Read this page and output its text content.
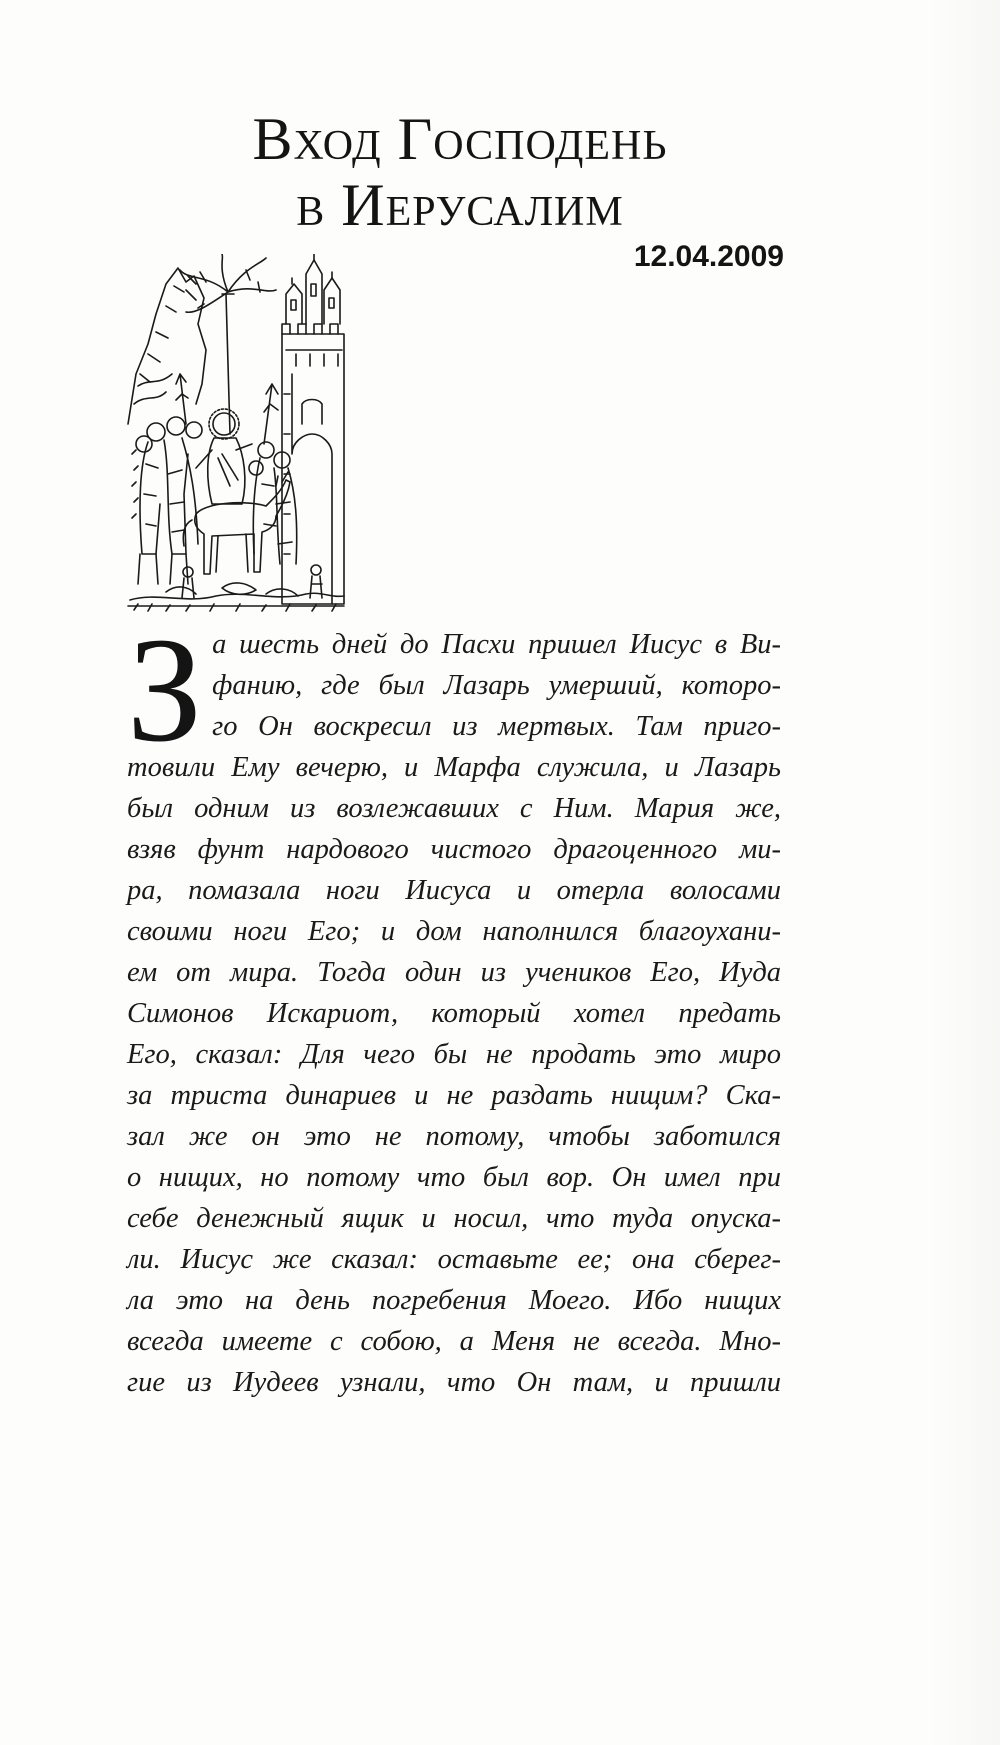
Вход Господень
в Иерусалим
12.04.2009
З а шесть дней до Пасхи пришел Иисус в Ви-
фанию, где был Лазарь умерший, которо-
го Он воскресил из мертвых. Там приго-
товили Ему вечерю, и Марфа служила, и Лазарь
был одним из возлежавших с Ним. Мария же,
взяв фунт нардового чистого драгоценного ми-
ра, помазала ноги Иисуса и отерла волосами
своими ноги Его; и дом наполнился благоухани-
ем от мира. Тогда один из учеников Его, Иуда
Симонов Искариот, который хотел предать
Его, сказал: Для чего бы не продать это миро
за триста динариев и не раздать нищим? Ска-
зал же он это не потому, чтобы заботился
о нищих, но потому что был вор. Он имел при
себе денежный ящик и носил, что туда опуска-
ли. Иисус же сказал: оставьте ее; она сберег-
ла это на день погребения Моего. Ибо нищих
всегда имеете с собою, а Меня не всегда. Мно-
гие из Иудеев узнали, что Он там, и пришли
